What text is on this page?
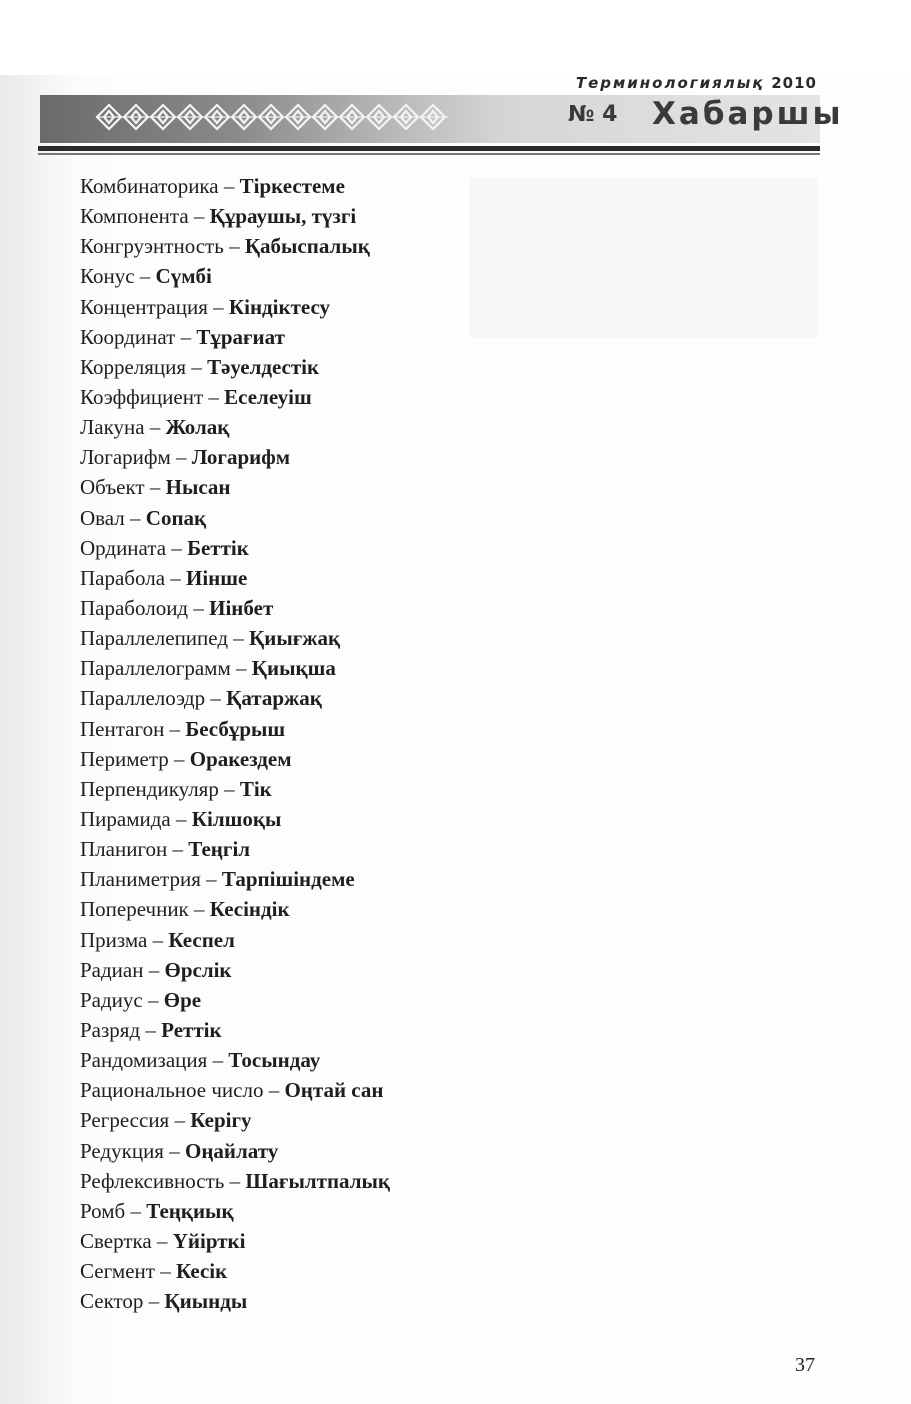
Терминологиялық 2010
№ 4 Хабаршы
Комбинаторика – Тіркестеме
Компонента – Құраушы, түзгі
Конгруэнтность – Қабыспалық
Конус – Сүмбі
Концентрация – Кіндіктесу
Координат – Тұрағиат
Корреляция – Тәуелдестік
Коэффициент – Еселеуіш
Лакуна – Жолақ
Логарифм – Логарифм
Объект – Нысан
Овал – Сопақ
Ордината – Беттік
Парабола – Иінше
Параболоид – Иінбет
Параллелепипед – Қиығжақ
Параллелограмм – Қиықша
Параллелоэдр – Қатаржақ
Пентагон – Бесбұрыш
Периметр – Оракездем
Перпендикуляр – Тік
Пирамида – Кілшоқы
Планигон – Теңгіл
Планиметрия – Тарпішіндеме
Поперечник – Кесіндік
Призма – Кеспел
Радиан – Өрслік
Радиус – Өре
Разряд – Реттік
Рандомизация – Тосындау
Рациональное число – Оңтай сан
Регрессия – Керігу
Редукция – Оңайлату
Рефлексивность – Шағылтпалық
Ромб – Теңқиық
Свертка – Үйірткі
Сегмент – Кесік
Сектор – Қиынды
37
